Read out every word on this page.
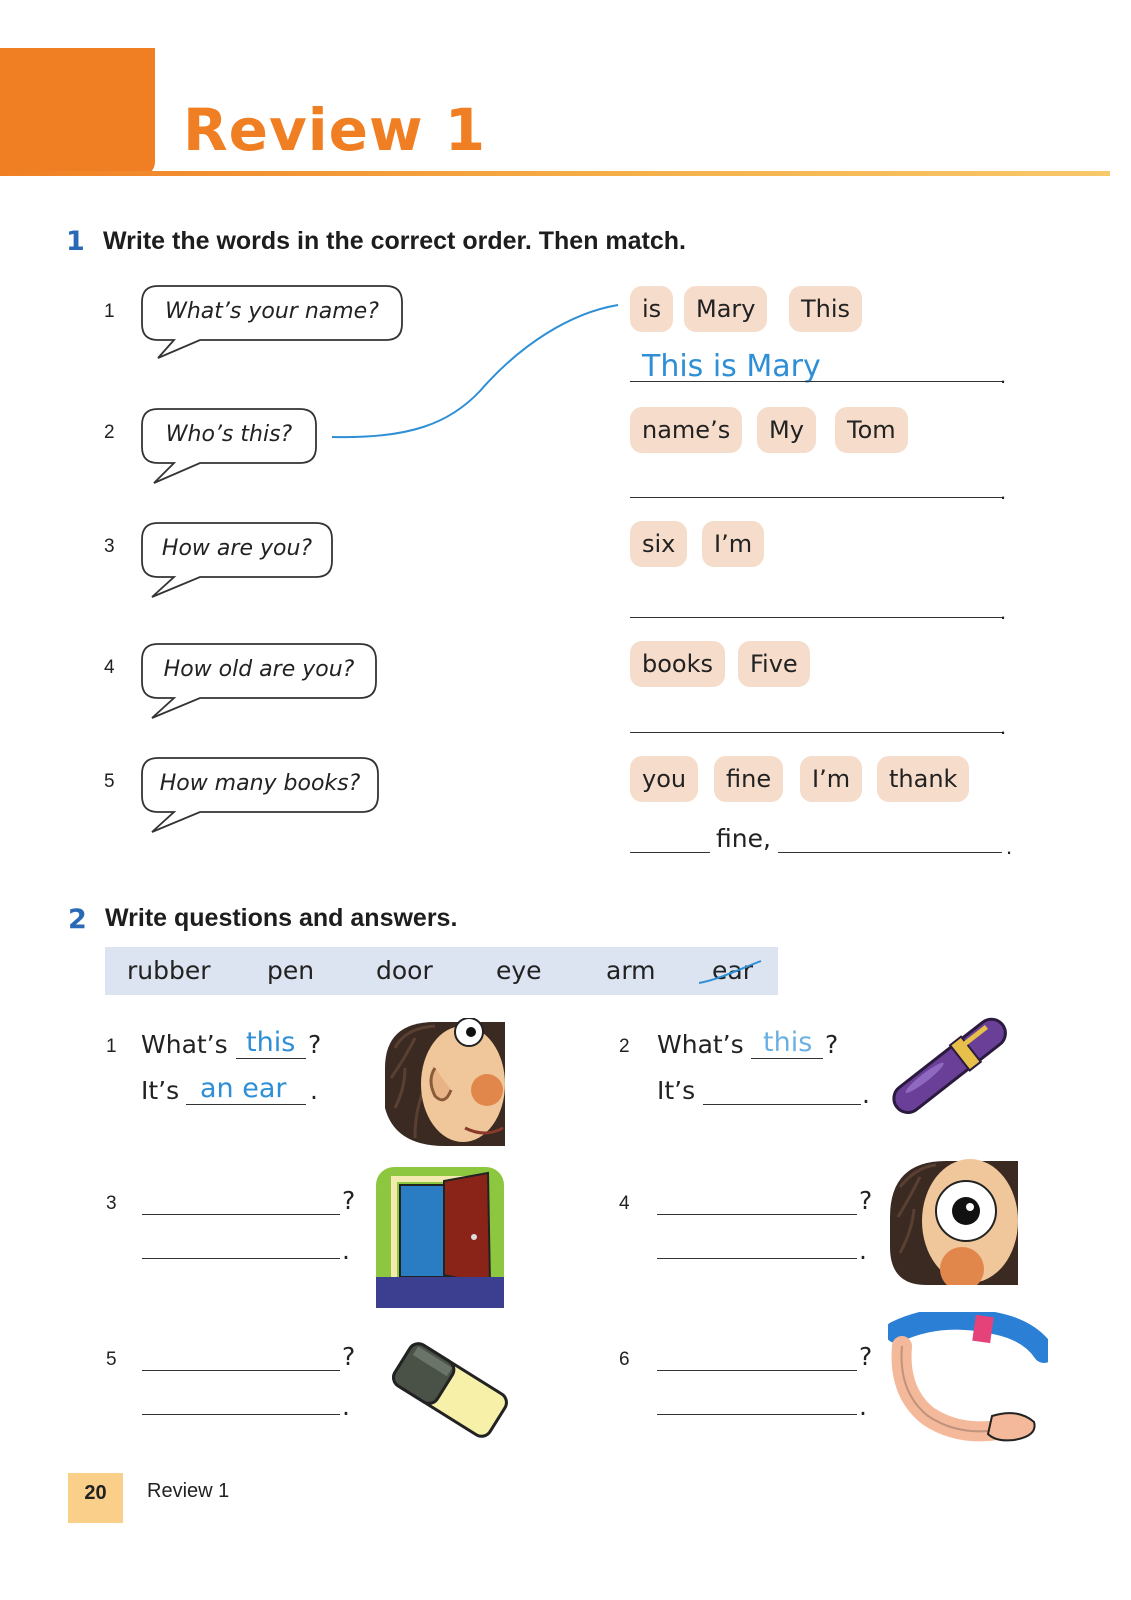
Review 1
1 Write the words in the correct order. Then match.
1
2
3
4
5
What’s your name?
Who’s this?
How are you?
How old are you?
How many books?
is	Mary	This
This is Mary	.
name’s	My	Tom
.
six	I’m
.
books	Five
.
you	fine	I’m	thank
fine,	.
2 Write questions and answers.
rubber pen door	eye	arm ear
1 What’s this ?
It’s an ear .
2 What’s this ?
It’s	.
3	?
.
4	?
.
5	?
.
6	?
.
20	Review 1
